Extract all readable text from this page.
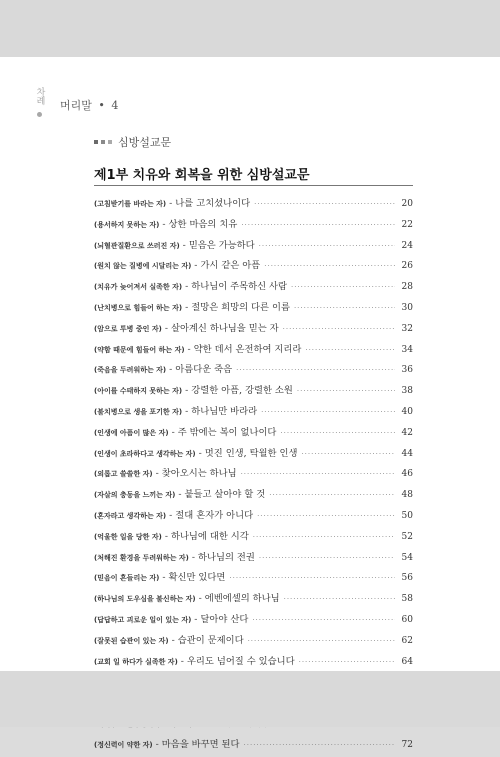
차례
머리말 • 4
심방설교문
제1부 치유와 회복을 위한 심방설교문
(고침받기를 바라는 자) - 나를 고치셨나이다 ·····	20
(용서하지 못하는 자) - 상한 마음의 치유 ·····	22
(뇌혈관질환으로 쓰러진 자) - 믿음은 가능하다 ·····	24
(원치 않는 질병에 시달리는 자) - 가시 같은 아픔 ·····	26
(치유가 늦어져서 실족한 자) - 하나님이 주목하신 사람 ·····	28
(난치병으로 힘들어 하는 자) - 절망은 희망의 다른 이름 ·····	30
(암으로 투병 중인 자) - 살아계신 하나님을 믿는 자 ·····	32
(약함 때문에 힘들어 하는 자) - 약한 데서 온전하여 지리라 ·····	34
(죽음을 두려워하는 자) - 아름다운 죽음 ·····	36
(아이를 수태하지 못하는 자) - 강렬한 아픔, 강렬한 소원 ·····	38
(불치병으로 생을 포기한 자) - 하나님만 바라라 ·····	40
(인생에 아픔이 많은 자) - 주 밖에는 복이 없나이다 ·····	42
(인생이 초라하다고 생각하는 자) - 멋진 인생, 탁월한 인생 ·····	44
(외롭고 쓸쓸한 자) - 찾아오시는 하나님 ·····	46
(자살의 충동을 느끼는 자) - 붙들고 살아야 할 것 ·····	48
(혼자라고 생각하는 자) - 절대 혼자가 아니다 ·····	50
(억울한 일을 당한 자) - 하나님에 대한 시각 ·····	52
(처해진 환경을 두려워하는 자) - 하나님의 전권 ·····	54
(믿음이 흔들리는 자) - 확신만 있다면 ·····	56
(하나님의 도우심을 불신하는 자) - 에벤에셀의 하나님 ·····	58
(답답하고 괴로운 일이 있는 자) - 달아야 산다 ·····	60
(잘못된 습관이 있는 자) - 습관이 문제이다 ·····	62
(교회 일 하다가 실족한 자) - 우리도 넘어질 수 있습니다 ·····	64
·····
·····
·····
(정신력이 약한 자) - 마음을 바꾸면 된다 ·····	72
